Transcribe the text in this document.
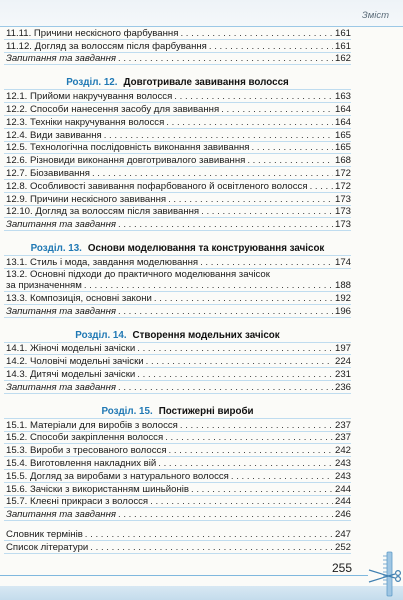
Зміст
11.11. Причини нескісного фарбування . . .	161
11.12. Догляд за волоссям після фарбування . . .	161
Запитання та завдання . . .	162
Розділ. 12. Довготривале завивання волосся
12.1. Прийоми накручування волосся . . .	163
12.2. Способи нанесення засобу для завивання . . .	164
12.3. Техніки накручування волосся . . .	164
12.4. Види завивання . . .	165
12.5. Технологічна послідовність виконання завивання . . .	165
12.6. Різновиди виконання довготривалого завивання . . .	168
12.7. Біозавивання . . .	172
12.8. Особливості завивання пофарбованого й освітленого волосся . . .	172
12.9. Причини нескісного завивання . . .	173
12.10. Догляд за волоссям після завивання . . .	173
Запитання та завдання . . .	173
Розділ. 13. Основи моделювання та конструювання зачісок
13.1. Стиль і мода, завдання моделювання . . .	174
13.2. Основні підходи до практичного моделювання зачісок
за призначенням . . .	188
13.3. Композиція, основні закони . . .	192
Запитання та завдання . . .	196
Розділ. 14. Створення модельних зачісок
14.1. Жіночі модельні зачіски . . .	197
14.2. Чоловічі модельні зачіски . . .	224
14.3. Дитячі модельні зачіски . . .	231
Запитання та завдання . . .	236
Розділ. 15. Постижерні вироби
15.1. Матеріали для виробів з волосся . . .	237
15.2. Способи закріплення волосся . . .	237
15.3. Вироби з тресованого волосся . . .	242
15.4. Виготовлення накладних вій . . .	243
15.5. Догляд за виробами з натурального волосся . . .	243
15.6. Зачіски з використанням шиньйонів . . .	244
15.7. Клеєні прикраси з волосся . . .	244
Запитання та завдання . . .	246
Словник термінів . . .	247
Список літератури . . .	252
255
